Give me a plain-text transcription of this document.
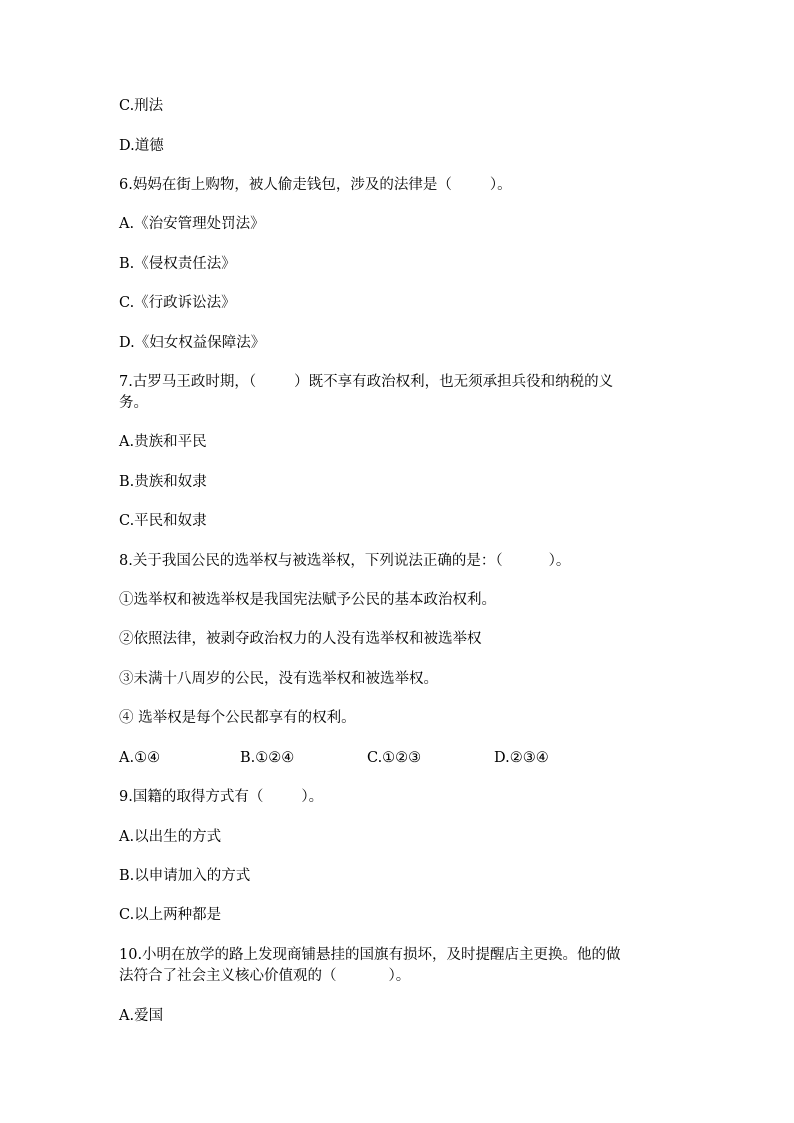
C.刑法
D.道德
6.妈妈在街上购物，被人偷走钱包，涉及的法律是（	）。
A.《治安管理处罚法》
B.《侵权责任法》
C.《行政诉讼法》
D.《妇女权益保障法》
7.古罗马王政时期，（	）既不享有政治权利，也无须承担兵役和纳税的义
务。
A.贵族和平民
B.贵族和奴隶
C.平民和奴隶
8.关于我国公民的选举权与被选举权，下列说法正确的是：（	）。
①选举权和被选举权是我国宪法赋予公民的基本政治权利。
②依照法律，被剥夺政治权力的人没有选举权和被选举权
③未满十八周岁的公民，没有选举权和被选举权。
④ 选举权是每个公民都享有的权利。
A.①④	B.①②④	C.①②③	D.②③④
9.国籍的取得方式有（	）。
A.以出生的方式
B.以申请加入的方式
C.以上两种都是
10.小明在放学的路上发现商铺悬挂的国旗有损坏，及时提醒店主更换。他的做
法符合了社会主义核心价值观的（	）。
A.爱国
